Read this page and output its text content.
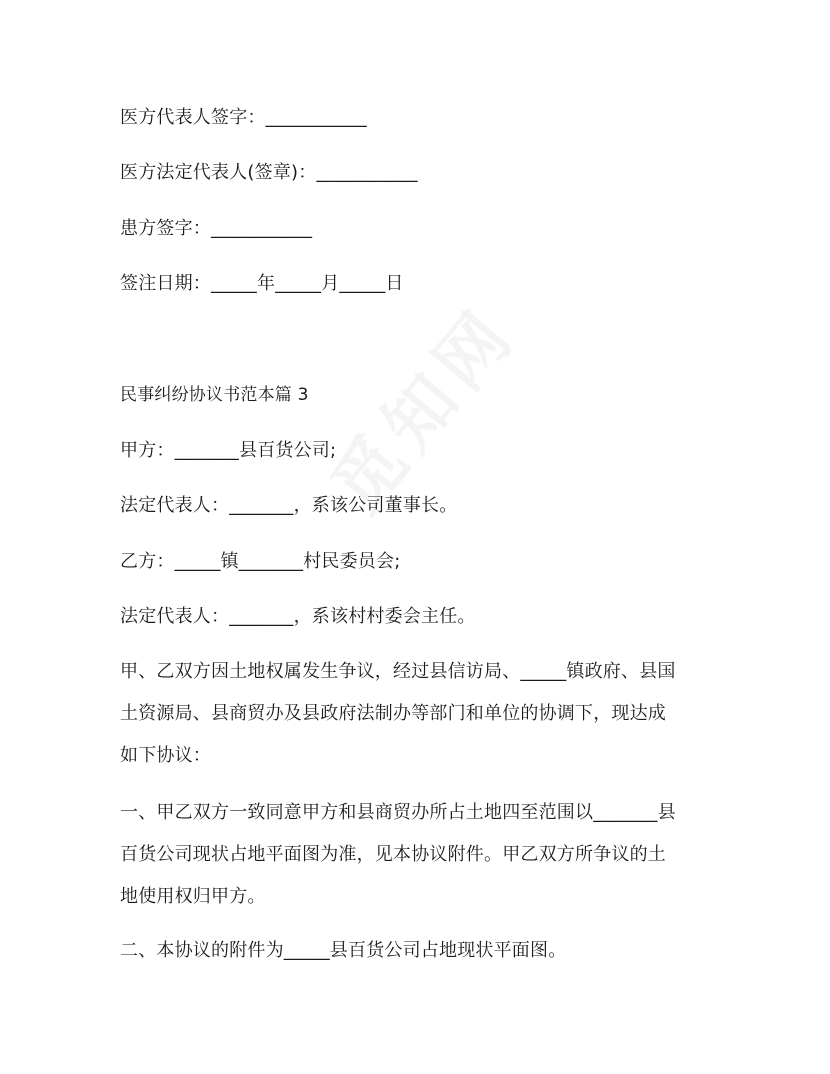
医方代表人签字：___________
医方法定代表人(签章)：___________
患方签字：___________
签注日期：_____年_____月_____日
民事纠纷协议书范本篇 3
甲方：_______县百货公司;
法定代表人：_______，系该公司董事长。
乙方：_____镇_______村民委员会;
法定代表人：_______，系该村村委会主任。
甲、乙双方因土地权属发生争议，经过县信访局、_____镇政府、县国
土资源局、县商贸办及县政府法制办等部门和单位的协调下，现达成
如下协议：
一、甲乙双方一致同意甲方和县商贸办所占土地四至范围以_______县
百货公司现状占地平面图为准，见本协议附件。甲乙双方所争议的土
地使用权归甲方。
二、本协议的附件为_____县百货公司占地现状平面图。
